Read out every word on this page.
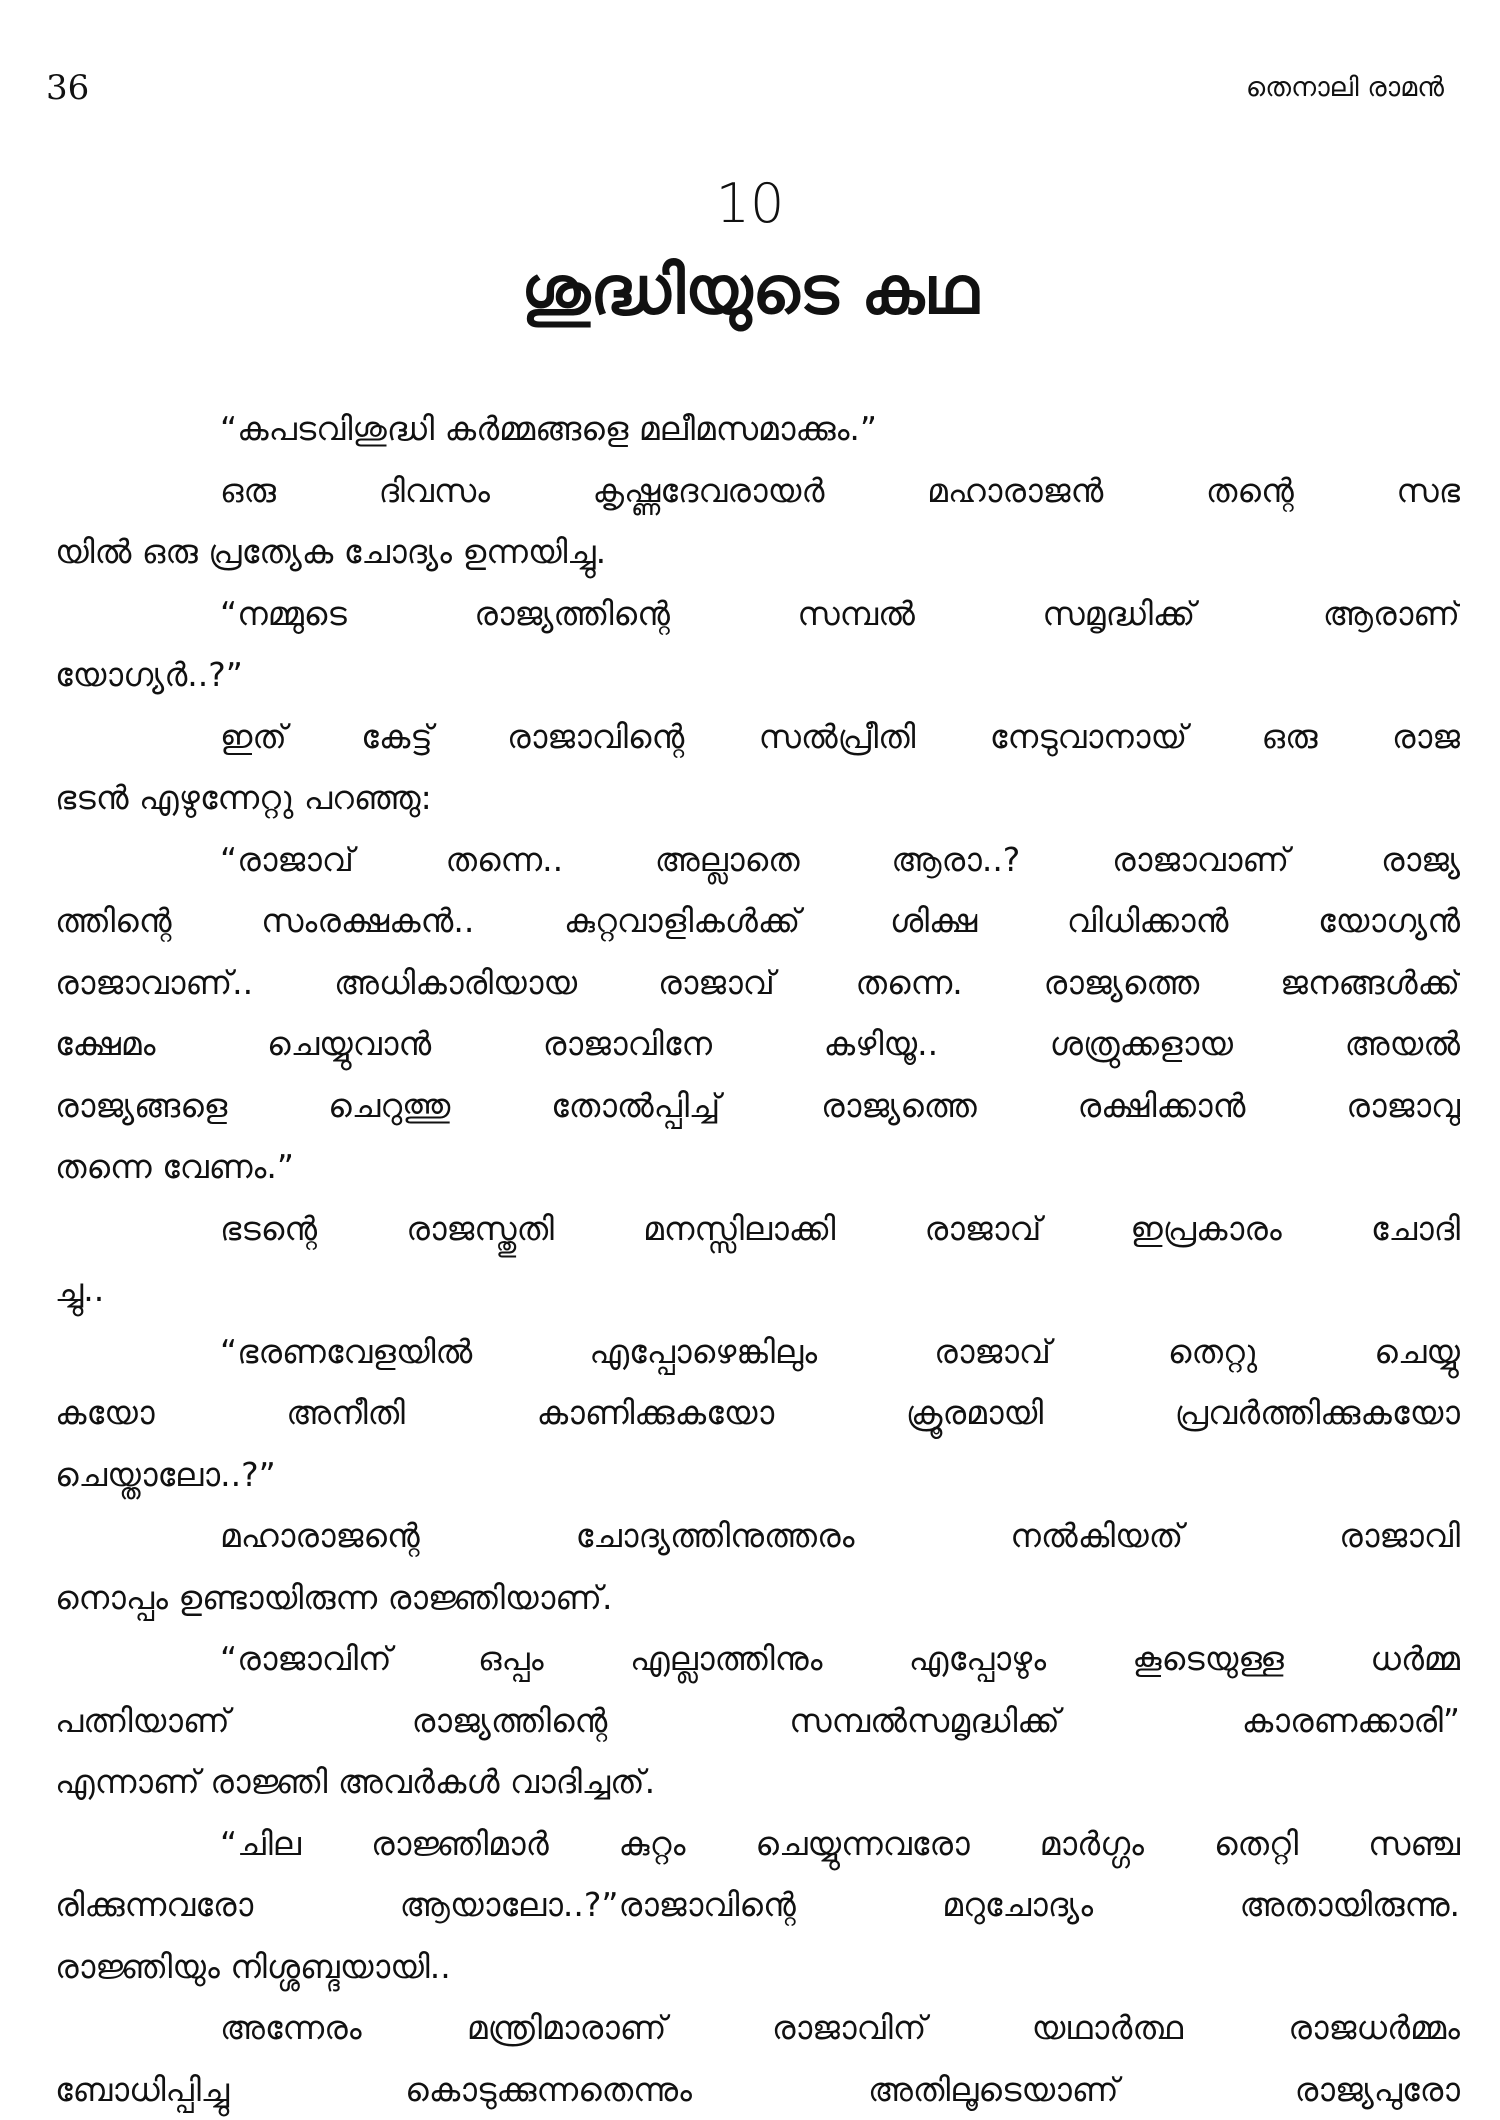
36	തെനാലി രാമൻ
10
ശുദ്ധിയുടെ കഥ
“കപടവിശുദ്ധി കർമ്മങ്ങളെ മലീമസമാക്കും.”
ഒരു ദിവസം കൃഷ്ണദേവരായർ മഹാരാജൻ തന്റെ സഭ
യിൽ ഒരു പ്രത്യേക ചോദ്യം ഉന്നയിച്ചു.
“നമ്മുടെ രാജ്യത്തിന്റെ സമ്പൽ സമൃദ്ധിക്ക് ആരാണ്
യോഗ്യർ..?”
ഇത് കേട്ട് രാജാവിന്റെ സൽപ്രീതി നേടുവാനായ് ഒരു രാജ
ഭടൻ എഴുന്നേറ്റു പറഞ്ഞു:
“രാജാവ് തന്നെ.. അല്ലാതെ ആരാ..? രാജാവാണ് രാജ്യ
ത്തിന്റെ സംരക്ഷകൻ.. കുറ്റവാളികൾക്ക് ശിക്ഷ വിധിക്കാൻ യോഗ്യൻ
രാജാവാണ്.. അധികാരിയായ രാജാവ് തന്നെ. രാജ്യത്തെ ജനങ്ങൾക്ക്
ക്ഷേമം ചെയ്യുവാൻ രാജാവിനേ കഴിയൂ.. ശത്രുക്കളായ അയൽ
രാജ്യങ്ങളെ ചെറുത്തു തോൽപ്പിച്ച് രാജ്യത്തെ രക്ഷിക്കാൻ രാജാവു
തന്നെ വേണം.”
ഭടന്റെ രാജസ്തുതി മനസ്സിലാക്കി രാജാവ് ഇപ്രകാരം ചോദി
ച്ചു..
“ഭരണവേളയിൽ എപ്പോഴെങ്കിലും രാജാവ് തെറ്റു ചെയ്യു
കയോ അനീതി കാണിക്കുകയോ ക്രൂരമായി പ്രവർത്തിക്കുകയോ
ചെയ്താലോ..?”
മഹാരാജന്റെ ചോദ്യത്തിനുത്തരം നൽകിയത് രാജാവി
നൊപ്പം ഉണ്ടായിരുന്ന രാജ്ഞിയാണ്.
“രാജാവിന് ഒപ്പം എല്ലാത്തിനും എപ്പോഴും കൂടെയുള്ള ധർമ്മ
പത്നിയാണ് രാജ്യത്തിന്റെ സമ്പൽസമൃദ്ധിക്ക് കാരണക്കാരി”
എന്നാണ് രാജ്ഞി അവർകൾ വാദിച്ചത്.
“ചില രാജ്ഞിമാർ കുറ്റം ചെയ്യുന്നവരോ മാർഗ്ഗം തെറ്റി സഞ്ച
രിക്കുന്നവരോ ആയാലോ..?”രാജാവിന്റെ മറുചോദ്യം അതായിരുന്നു.
രാജ്ഞിയും നിശ്ശബ്ദയായി..
അന്നേരം മന്ത്രിമാരാണ് രാജാവിന് യഥാർത്ഥ രാജധർമ്മം
ബോധിപ്പിച്ചു കൊടുക്കുന്നതെന്നും അതിലൂടെയാണ് രാജ്യപുരോ
